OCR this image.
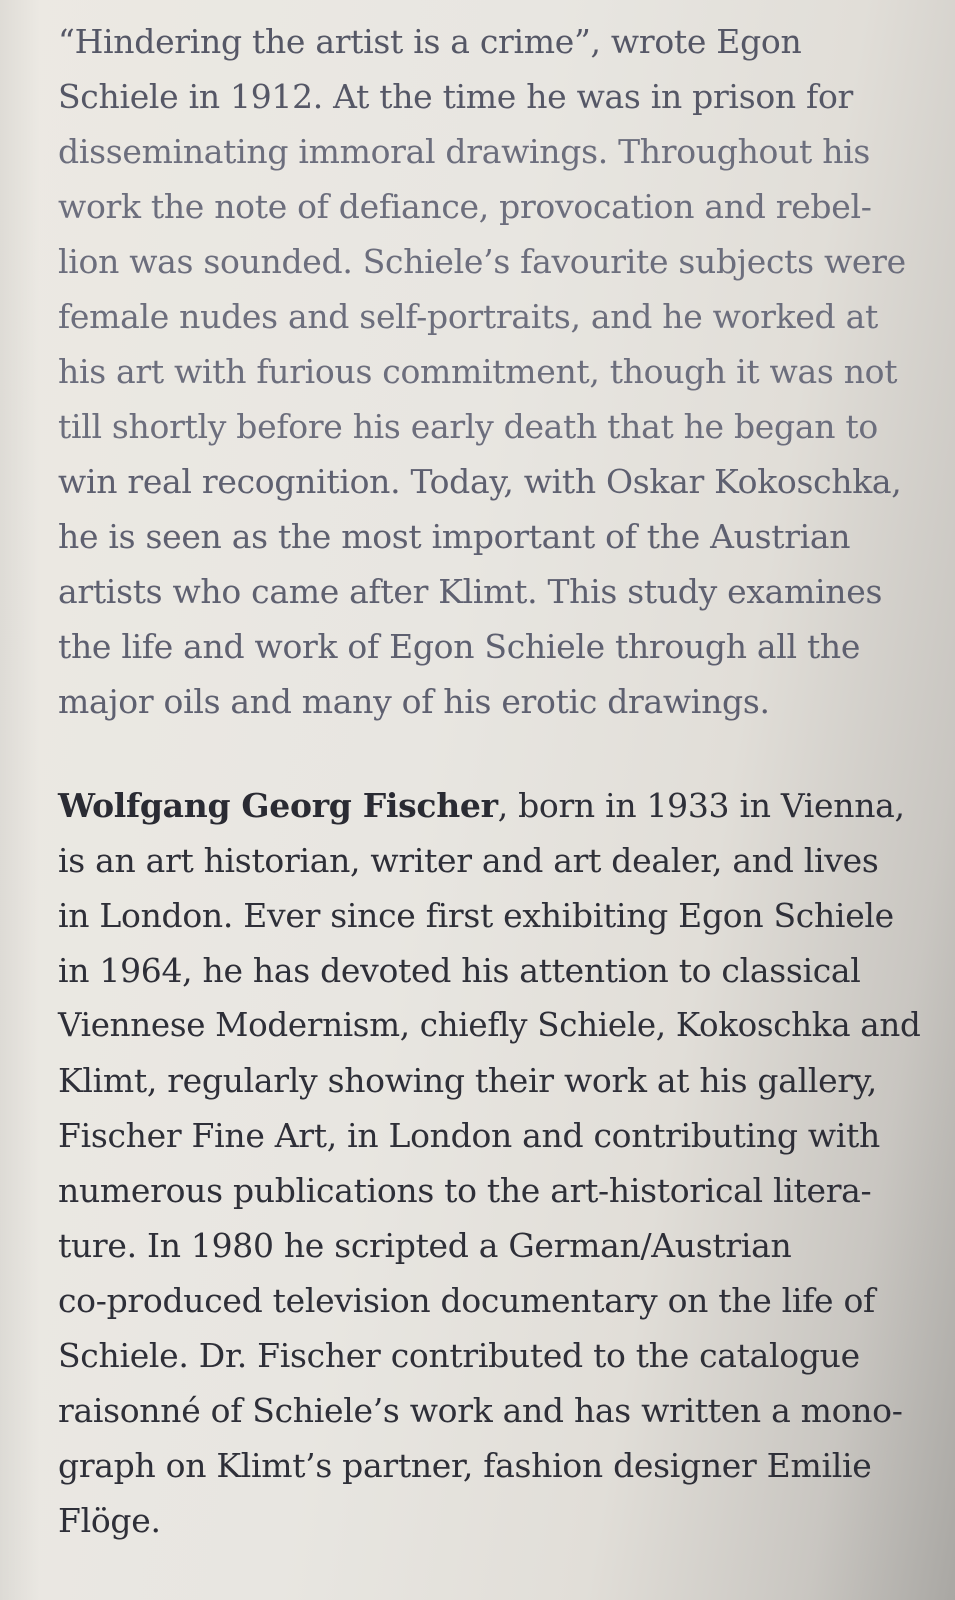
“Hindering the artist is a crime”, wrote Egon
Schiele in 1912. At the time he was in prison for
disseminating immoral drawings. Throughout his
work the note of defiance, provocation and rebel-
lion was sounded. Schiele’s favourite subjects were
female nudes and self-portraits, and he worked at
his art with furious commitment, though it was not
till shortly before his early death that he began to
win real recognition. Today, with Oskar Kokoschka,
he is seen as the most important of the Austrian
artists who came after Klimt. This study examines
the life and work of Egon Schiele through all the
major oils and many of his erotic drawings.
Wolfgang Georg Fischer, born in 1933 in Vienna,
is an art historian, writer and art dealer, and lives
in London. Ever since first exhibiting Egon Schiele
in 1964, he has devoted his attention to classical
Viennese Modernism, chiefly Schiele, Kokoschka and
Klimt, regularly showing their work at his gallery,
Fischer Fine Art, in London and contributing with
numerous publications to the art-historical litera-
ture. In 1980 he scripted a German/Austrian
co-produced television documentary on the life of
Schiele. Dr. Fischer contributed to the catalogue
raisonné of Schiele’s work and has written a mono-
graph on Klimt’s partner, fashion designer Emilie
Flöge.
